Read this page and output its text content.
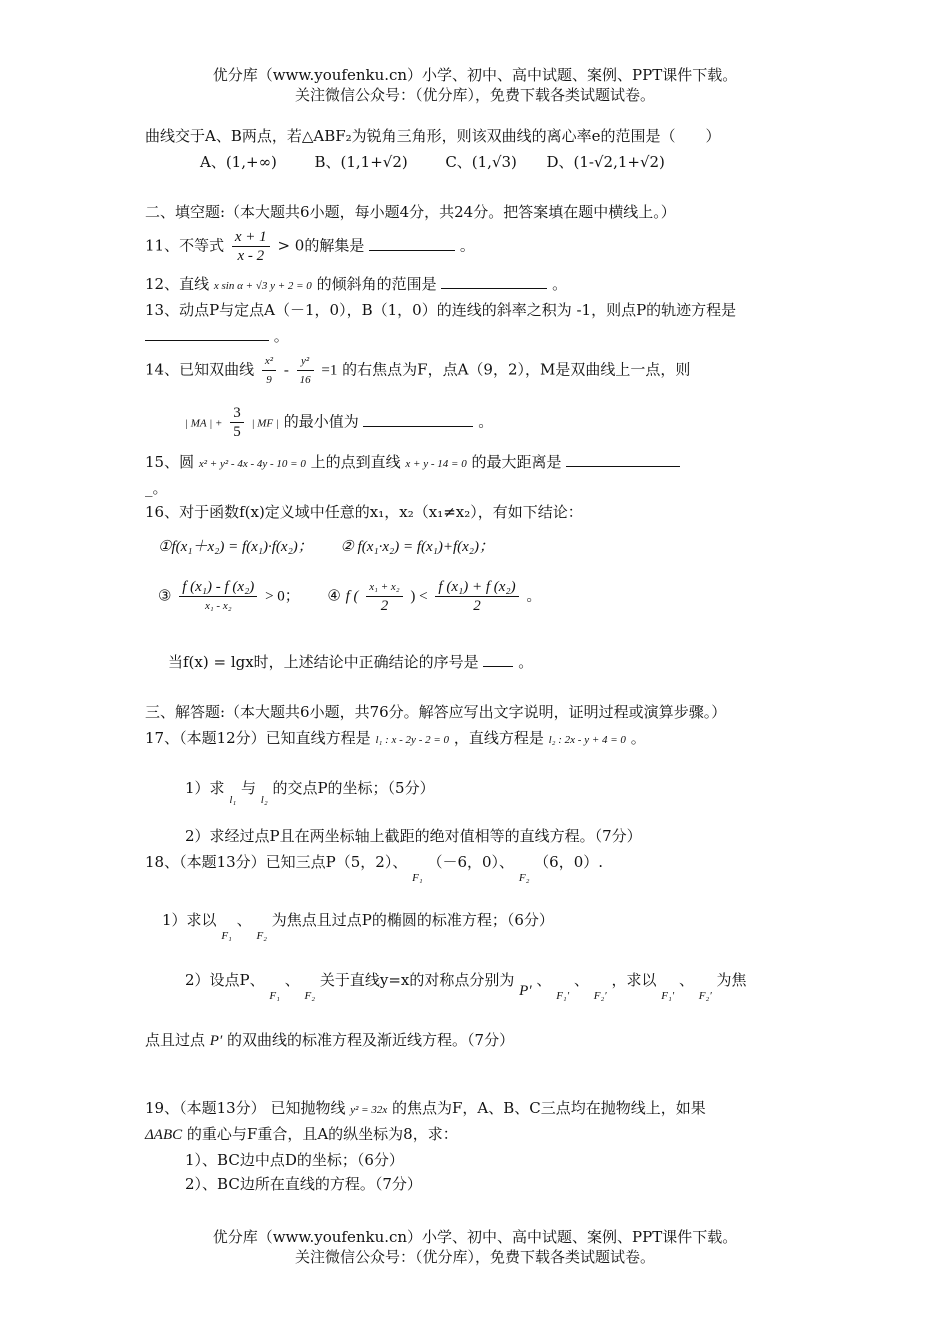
优分库（www.youfenku.cn）小学、初中、高中试题、案例、PPT课件下载。
关注微信公众号：（优分库），免费下载各类试题试卷。
曲线交于A、B两点，若△ABF₂为锐角三角形，则该双曲线的离心率e的范围是（　　）
A、(1,+∞)	B、(1,1+√2)	C、(1,√3) D、(1-√2,1+√2)
二、填空题:（本大题共6小题，每小题4分，共24分。把答案填在题中横线上。）
11、不等式 $\frac{x + 1}{x - 2} > 0$的解集是	。
12、直线 x sin α + √3 y + 2 = 0 的倾斜角的范围是	。
13、动点P与定点A（－1，0），B（1，0）的连线的斜率之积为 -1，则点P的轨迹方程是
。
14、已知双曲线 $\frac{\text{x²}}{9} - \frac{\text{y²}}{16} =1$ 的右焦点为F，点A（9，2），M是双曲线上一点，则
| MA | + $\frac{3}{5}$ | MF | 的最小值为	。
15、圆 x² + y² - 4x - 4y - 10 = 0 上的点到直线 x + y - 14 = 0 的最大距离是
_。
16、对于函数f(x)定义域中任意的x₁，x₂（x₁≠x₂），有如下结论：
①f(x₁＋x₂) = f(x₁)·f(x₂)； ② f(x₁·x₂) = f(x₁)+f(x₂)；
③ $\frac{\text{f (x₁) - f (x₂)}}{\text{x₁ - x₂}} > 0$； ④ f ( $\frac{\text{x₁ + x₂}}{2}$ ) < $\frac{\text{f (x₁) + f (x₂)}}{2}$ 。
当f(x) = lgx时，上述结论中正确结论的序号是	。
三、解答题:（本大题共6小题，共76分。解答应写出文字说明，证明过程或演算步骤。）
17、（本题12分）已知直线方程是 l₁ : x - 2y - 2 = 0 ，直线方程是 l₂ : 2x - y + 4 = 0 。
1）求 $_{l_1}$ 与 $_{l_2}$ 的交点P的坐标；（5分）
2）求经过点P且在两坐标轴上截距的绝对值相等的直线方程。（7分）
18、（本题13分）已知三点P（5，2）、 $_{F_1}$ （－6，0）、 $_{F_2}$ （6，0）.
1）求以 $_{F_1}$ 、 $_{F_2}$ 为焦点且过点P的椭圆的标准方程；（6分）
2）设点P、 $_{F_1}$ 、 $_{F_2}$ 关于直线y=x的对称点分别为 P′ 、 $_{F_1'}$ 、 $_{F_2'}$ ，求以 $_{F_1'}$ 、 $_{F_2'}$ 为焦
点且过点 P′ 的双曲线的标准方程及渐近线方程。（7分）
19、（本题13分） 已知抛物线 y² = 32x 的焦点为F，A、B、C三点均在抛物线上，如果
ΔABC 的重心与F重合，且A的纵坐标为8，求：
1）、BC边中点D的坐标；（6分）
2）、BC边所在直线的方程。（7分）
优分库（www.youfenku.cn）小学、初中、高中试题、案例、PPT课件下载。
关注微信公众号：（优分库），免费下载各类试题试卷。
